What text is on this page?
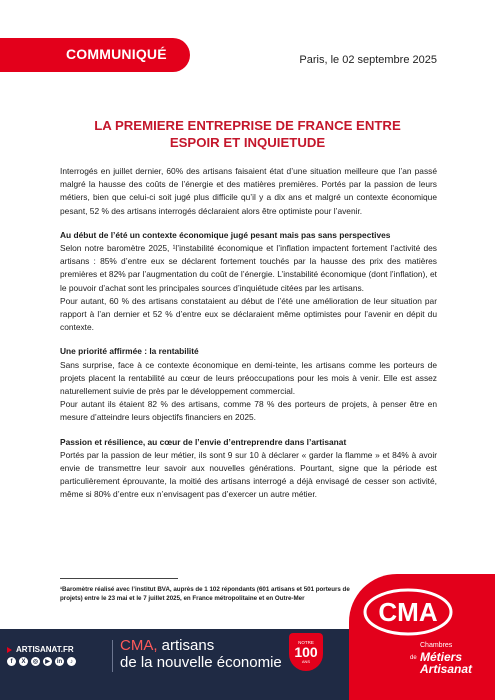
COMMUNIQUÉ	Paris, le 02 septembre 2025
LA PREMIERE ENTREPRISE DE FRANCE ENTRE
ESPOIR ET INQUIETUDE

Interrogés en juillet dernier, 60% des artisans faisaient état d’une situation meilleure que l’an passé malgré la hausse des coûts de l’énergie et des matières premières. Portés par la passion de leurs métiers, bien que celui-ci soit jugé plus difficile qu’il y a dix ans et malgré un contexte économique pesant, 52 % des artisans interrogés déclaraient alors être optimiste pour l’avenir.

Au début de l’été un contexte économique jugé pesant mais pas sans perspectives

Selon notre baromètre 2025, ¹l’instabilité économique et l’inflation impactent fortement l’activité des artisans : 85% d’entre eux se déclarent fortement touchés par la hausse des prix des matières premières et 82% par l’augmentation du coût de l’énergie. L’instabilité économique (dont l’inflation), et le pouvoir d’achat sont les principales sources d’inquiétude citées par les artisans.

Pour autant, 60 % des artisans constataient au début de l’été une amélioration de leur situation par rapport à l’an dernier et 52 % d’entre eux se déclaraient même optimistes pour l’avenir en dépit du contexte.

Une priorité affirmée : la rentabilité

Sans surprise, face à ce contexte économique en demi-teinte, les artisans comme les porteurs de projets placent la rentabilité au cœur de leurs préoccupations pour les mois à venir. Elle est assez naturellement suivie de près par le développement commercial.

Pour autant ils étaient 82 % des artisans, comme 78 % des porteurs de projets, à penser être en mesure d’atteindre leurs objectifs financiers en 2025.

Passion et résilience, au cœur de l’envie d’entreprendre dans l’artisanat

Portés par la passion de leur métier, ils sont 9 sur 10 à déclarer « garder la flamme » et 84% à avoir envie de transmettre leur savoir aux nouvelles générations. Pourtant, signe que la période est particulièrement éprouvante, la moitié des artisans interrogé a déjà envisagé de cesser son activité, même si 80% d’entre eux n’envisagent pas d’exercer un autre métier.

¹Baromètre réalisé avec l’institut BVA, auprès de 1 102 répondants (601 artisans et 501 porteurs de projets) entre le 23 mai et le 7 juillet 2025, en France métropolitaine et en Outre-Mer
ARTISANAT.FR
f	X	◎	▶	in	♪
CMA, artisans
de la nouvelle économie
NOTRE
100
ANS
CMA
Chambres
Métiers
de
Artisanat
